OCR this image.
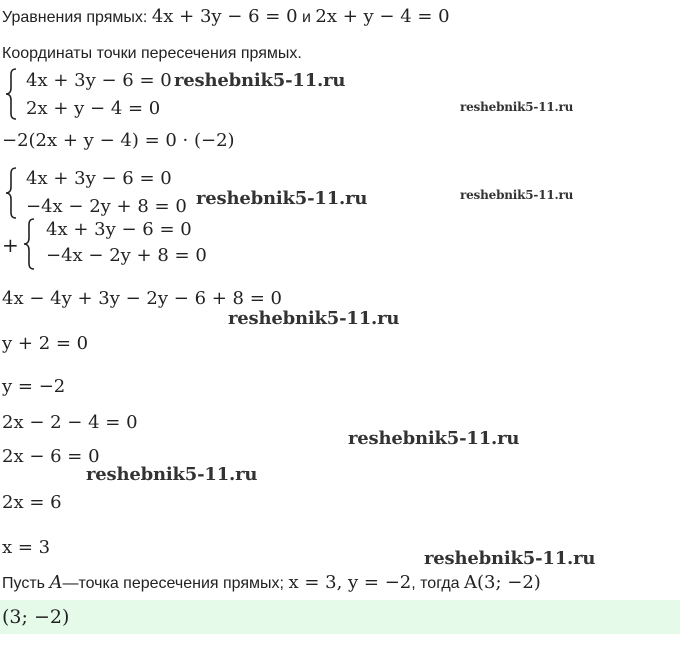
Уравнения прямых: 4x + 3y − 6 = 0 и 2x + y − 4 = 0
Координаты точки пересечения прямых.
4x + 3y − 6 = 0
2x + y − 4 = 0
reshebnik5-11.ru
reshebnik5-11.ru
−2(2x + y − 4) = 0 · (−2)
4x + 3y − 6 = 0
−4x − 2y + 8 = 0 reshebnik5-11.ru	reshebnik5-11.ru
+
4x + 3y − 6 = 0
−4x − 2y + 8 = 0
4x − 4y + 3y − 2y − 6 + 8 = 0
reshebnik5-11.ru
y + 2 = 0
y = −2
2x − 2 − 4 = 0
reshebnik5-11.ru
2x − 6 = 0
reshebnik5-11.ru
2x = 6
x = 3
reshebnik5-11.ru
Пусть A—точка пересечения прямых; x = 3, y = −2, тогда A(3; −2)
(3; −2)
